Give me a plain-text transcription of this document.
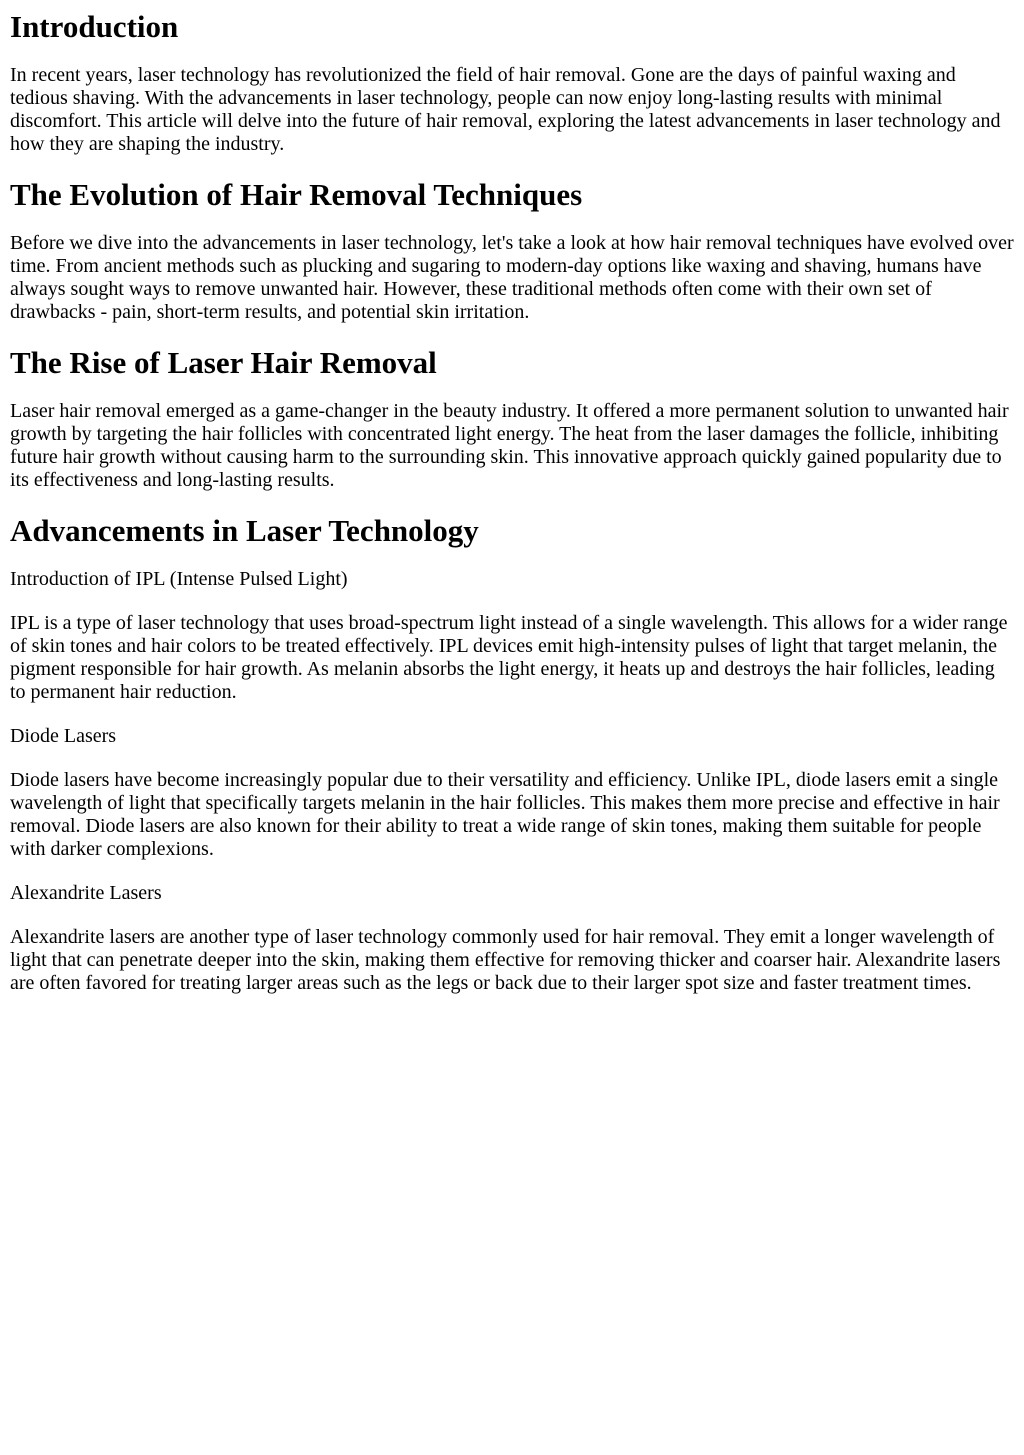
Introduction

In recent years, laser technology has revolutionized the field of hair removal. Gone are the days of painful waxing and tedious shaving. With the advancements in laser technology, people can now enjoy long-lasting results with minimal discomfort. This article will delve into the future of hair removal, exploring the latest advancements in laser technology and how they are shaping the industry.

The Evolution of Hair Removal Techniques

Before we dive into the advancements in laser technology, let's take a look at how hair removal techniques have evolved over time. From ancient methods such as plucking and sugaring to modern-day options like waxing and shaving, humans have always sought ways to remove unwanted hair. However, these traditional methods often come with their own set of drawbacks - pain, short-term results, and potential skin irritation.

The Rise of Laser Hair Removal

Laser hair removal emerged as a game-changer in the beauty industry. It offered a more permanent solution to unwanted hair growth by targeting the hair follicles with concentrated light energy. The heat from the laser damages the follicle, inhibiting future hair growth without causing harm to the surrounding skin. This innovative approach quickly gained popularity due to its effectiveness and long-lasting results.

Advancements in Laser Technology

Introduction of IPL (Intense Pulsed Light)

IPL is a type of laser technology that uses broad-spectrum light instead of a single wavelength. This allows for a wider range of skin tones and hair colors to be treated effectively. IPL devices emit high-intensity pulses of light that target melanin, the pigment responsible for hair growth. As melanin absorbs the light energy, it heats up and destroys the hair follicles, leading to permanent hair reduction.

Diode Lasers

Diode lasers have become increasingly popular due to their versatility and efficiency. Unlike IPL, diode lasers emit a single wavelength of light that specifically targets melanin in the hair follicles. This makes them more precise and effective in hair removal. Diode lasers are also known for their ability to treat a wide range of skin tones, making them suitable for people with darker complexions.

Alexandrite Lasers

Alexandrite lasers are another type of laser technology commonly used for hair removal. They emit a longer wavelength of light that can penetrate deeper into the skin, making them effective for removing thicker and coarser hair. Alexandrite lasers are often favored for treating larger areas such as the legs or back due to their larger spot size and faster treatment times.
